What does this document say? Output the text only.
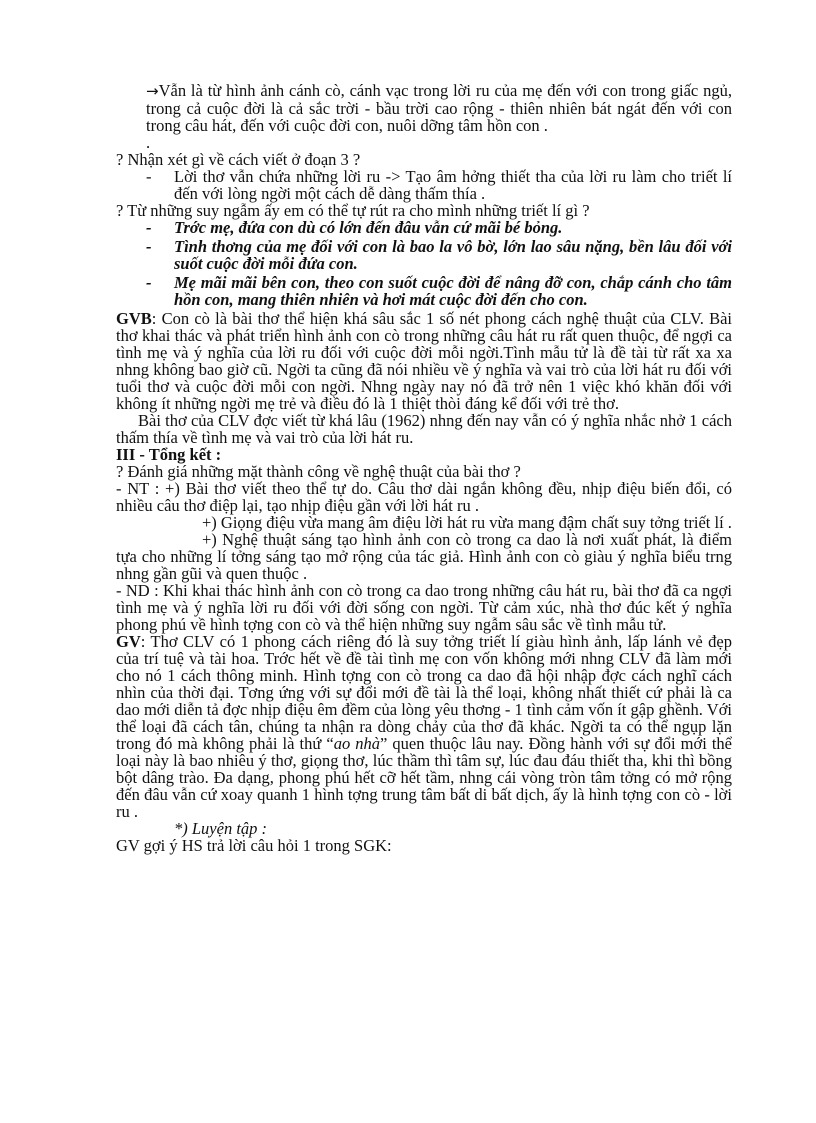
→Vẫn là từ hình ảnh cánh cò, cánh vạc trong lời ru của mẹ đến với con trong giấc ngủ, trong cả cuộc đời là cả sắc trời - bầu trời cao rộng - thiên nhiên bát ngát đến với con trong câu hát, đến với cuộc đời con, nuôi dỡng tâm hồn con .

.

? Nhận xét gì về cách viết ở đoạn 3 ?

- Lời thơ vẫn chứa những lời ru -> Tạo âm hởng thiết tha của lời ru làm cho triết lí đến với lòng ngời một cách dễ dàng thấm thía .

? Từ những suy ngẫm ấy em có thể tự rút ra cho mình những triết lí gì ?

- Trớc mẹ, đứa con dù có lớn đến đâu vẫn cứ mãi bé bỏng.
- Tình thơng của mẹ đối với con là bao la vô bờ, lớn lao sâu nặng, bền lâu đối với suốt cuộc đời mỗi đứa con.
- Mẹ mãi mãi bên con, theo con suốt cuộc đời để nâng đỡ con, chắp cánh cho tâm hồn con, mang thiên nhiên và hơi mát cuộc đời đến cho con.

GVB: Con cò là bài thơ thể hiện khá sâu sắc 1 số nét phong cách nghệ thuật của CLV. Bài thơ khai thác và phát triển hình ảnh con cò trong những câu hát ru rất quen thuộc, để ngợi ca tình mẹ và ý nghĩa của lời ru đối với cuộc đời mỗi ngời.Tình mẫu tử là đề tài từ rất xa xa nhng không bao giờ cũ. Ngời ta cũng đã nói nhiều về ý nghĩa và vai trò của lời hát ru đối với tuổi thơ và cuộc đời mỗi con ngời. Nhng ngày nay nó đã trở nên 1 việc khó khăn đối với không ít những ngời mẹ trẻ và điều đó là 1 thiệt thòi đáng kể đối với trẻ thơ.

Bài thơ của CLV đợc viết từ khá lâu (1962) nhng đến nay vẫn có ý nghĩa nhắc nhở 1 cách thấm thía về tình mẹ và vai trò của lời hát ru.

III - Tổng kết :

? Đánh giá những mặt thành công về nghệ thuật của bài thơ ?

- NT : +) Bài thơ viết theo thể tự do. Câu thơ dài ngắn không đều, nhịp điệu biến đổi, có nhiều câu thơ điệp lại, tạo nhịp điệu gần với lời hát ru .

+) Giọng điệu vừa mang âm điệu lời hát ru vừa mang đậm chất suy tởng triết lí .

+) Nghệ thuật sáng tạo hình ảnh con cò trong ca dao là nơi xuất phát, là điểm tựa cho những lí tởng sáng tạo mở rộng của tác giả. Hình ảnh con cò giàu ý nghĩa biểu trng nhng gần gũi và quen thuộc .

- ND : Khi khai thác hình ảnh con cò trong ca dao trong những câu hát ru, bài thơ đã ca ngợi tình mẹ và ý nghĩa lời ru đối với đời sống con ngời. Từ cảm xúc, nhà thơ đúc kết ý nghĩa phong phú về hình tợng con cò và thể hiện những suy ngẫm sâu sắc về tình mẫu tử.

GV: Thơ CLV có 1 phong cách riêng đó là suy tởng triết lí giàu hình ảnh, lấp lánh vẻ đẹp của trí tuệ và tài hoa. Trớc hết về đề tài tình mẹ con vốn không mới nhng CLV đã làm mới cho nó 1 cách thông minh. Hình tợng con cò trong ca dao đã hội nhập đợc cách nghĩ cách nhìn của thời đại. Tơng ứng với sự đổi mới đề tài là thể loại, không nhất thiết cứ phải là ca dao mới diễn tả đợc nhịp điệu êm đềm của lòng yêu thơng - 1 tình cảm vốn ít gập ghềnh. Với thể loại đã cách tân, chúng ta nhận ra dòng chảy của thơ đã khác. Ngời ta có thể ngụp lặn trong đó mà không phải là thứ “ao nhà” quen thuộc lâu nay. Đồng hành với sự đổi mới thể loại này là bao nhiêu ý thơ, giọng thơ, lúc thầm thì tâm sự, lúc đau đáu thiết tha, khi thì bồng bột dâng trào. Đa dạng, phong phú hết cỡ hết tầm, nhng cái vòng tròn tâm tởng có mở rộng đến đâu vẫn cứ xoay quanh 1 hình tợng trung tâm bất di bất dịch, ấy là hình tợng con cò - lời ru .

*) Luyện tập :

GV gợi ý HS trả lời câu hỏi 1 trong SGK:
